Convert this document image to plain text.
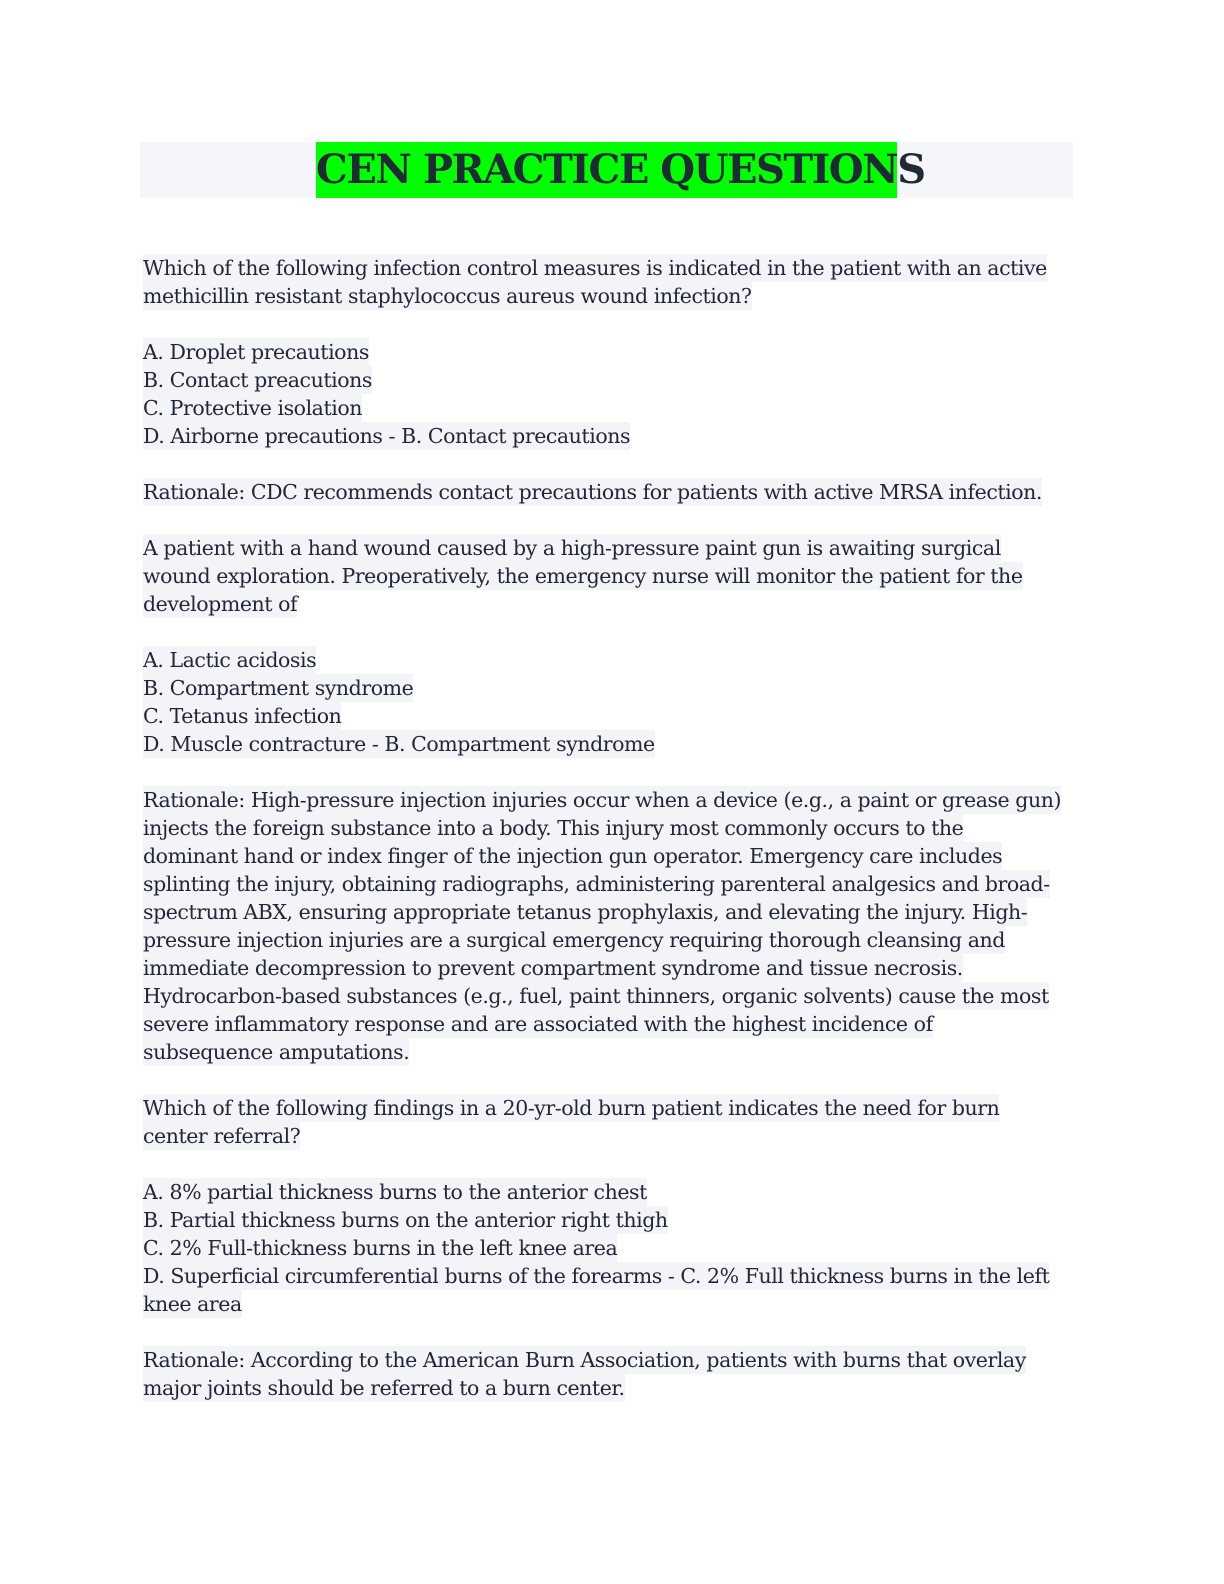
CEN PRACTICE QUESTIONS
Which of the following infection control measures is indicated in the patient with an active
methicillin resistant staphylococcus aureus wound infection?
A. Droplet precautions
B. Contact preacutions
C. Protective isolation
D. Airborne precautions - B. Contact precautions
Rationale: CDC recommends contact precautions for patients with active MRSA infection.
A patient with a hand wound caused by a high-pressure paint gun is awaiting surgical
wound exploration. Preoperatively, the emergency nurse will monitor the patient for the
development of
A. Lactic acidosis
B. Compartment syndrome
C. Tetanus infection
D. Muscle contracture - B. Compartment syndrome
Rationale: High-pressure injection injuries occur when a device (e.g., a paint or grease gun)
injects the foreign substance into a body. This injury most commonly occurs to the
dominant hand or index finger of the injection gun operator. Emergency care includes
splinting the injury, obtaining radiographs, administering parenteral analgesics and broad-
spectrum ABX, ensuring appropriate tetanus prophylaxis, and elevating the injury. High-
pressure injection injuries are a surgical emergency requiring thorough cleansing and
immediate decompression to prevent compartment syndrome and tissue necrosis.
Hydrocarbon-based substances (e.g., fuel, paint thinners, organic solvents) cause the most
severe inflammatory response and are associated with the highest incidence of
subsequence amputations.
Which of the following findings in a 20-yr-old burn patient indicates the need for burn
center referral?
A. 8% partial thickness burns to the anterior chest
B. Partial thickness burns on the anterior right thigh
C. 2% Full-thickness burns in the left knee area
D. Superficial circumferential burns of the forearms - C. 2% Full thickness burns in the left
knee area
Rationale: According to the American Burn Association, patients with burns that overlay
major joints should be referred to a burn center.
